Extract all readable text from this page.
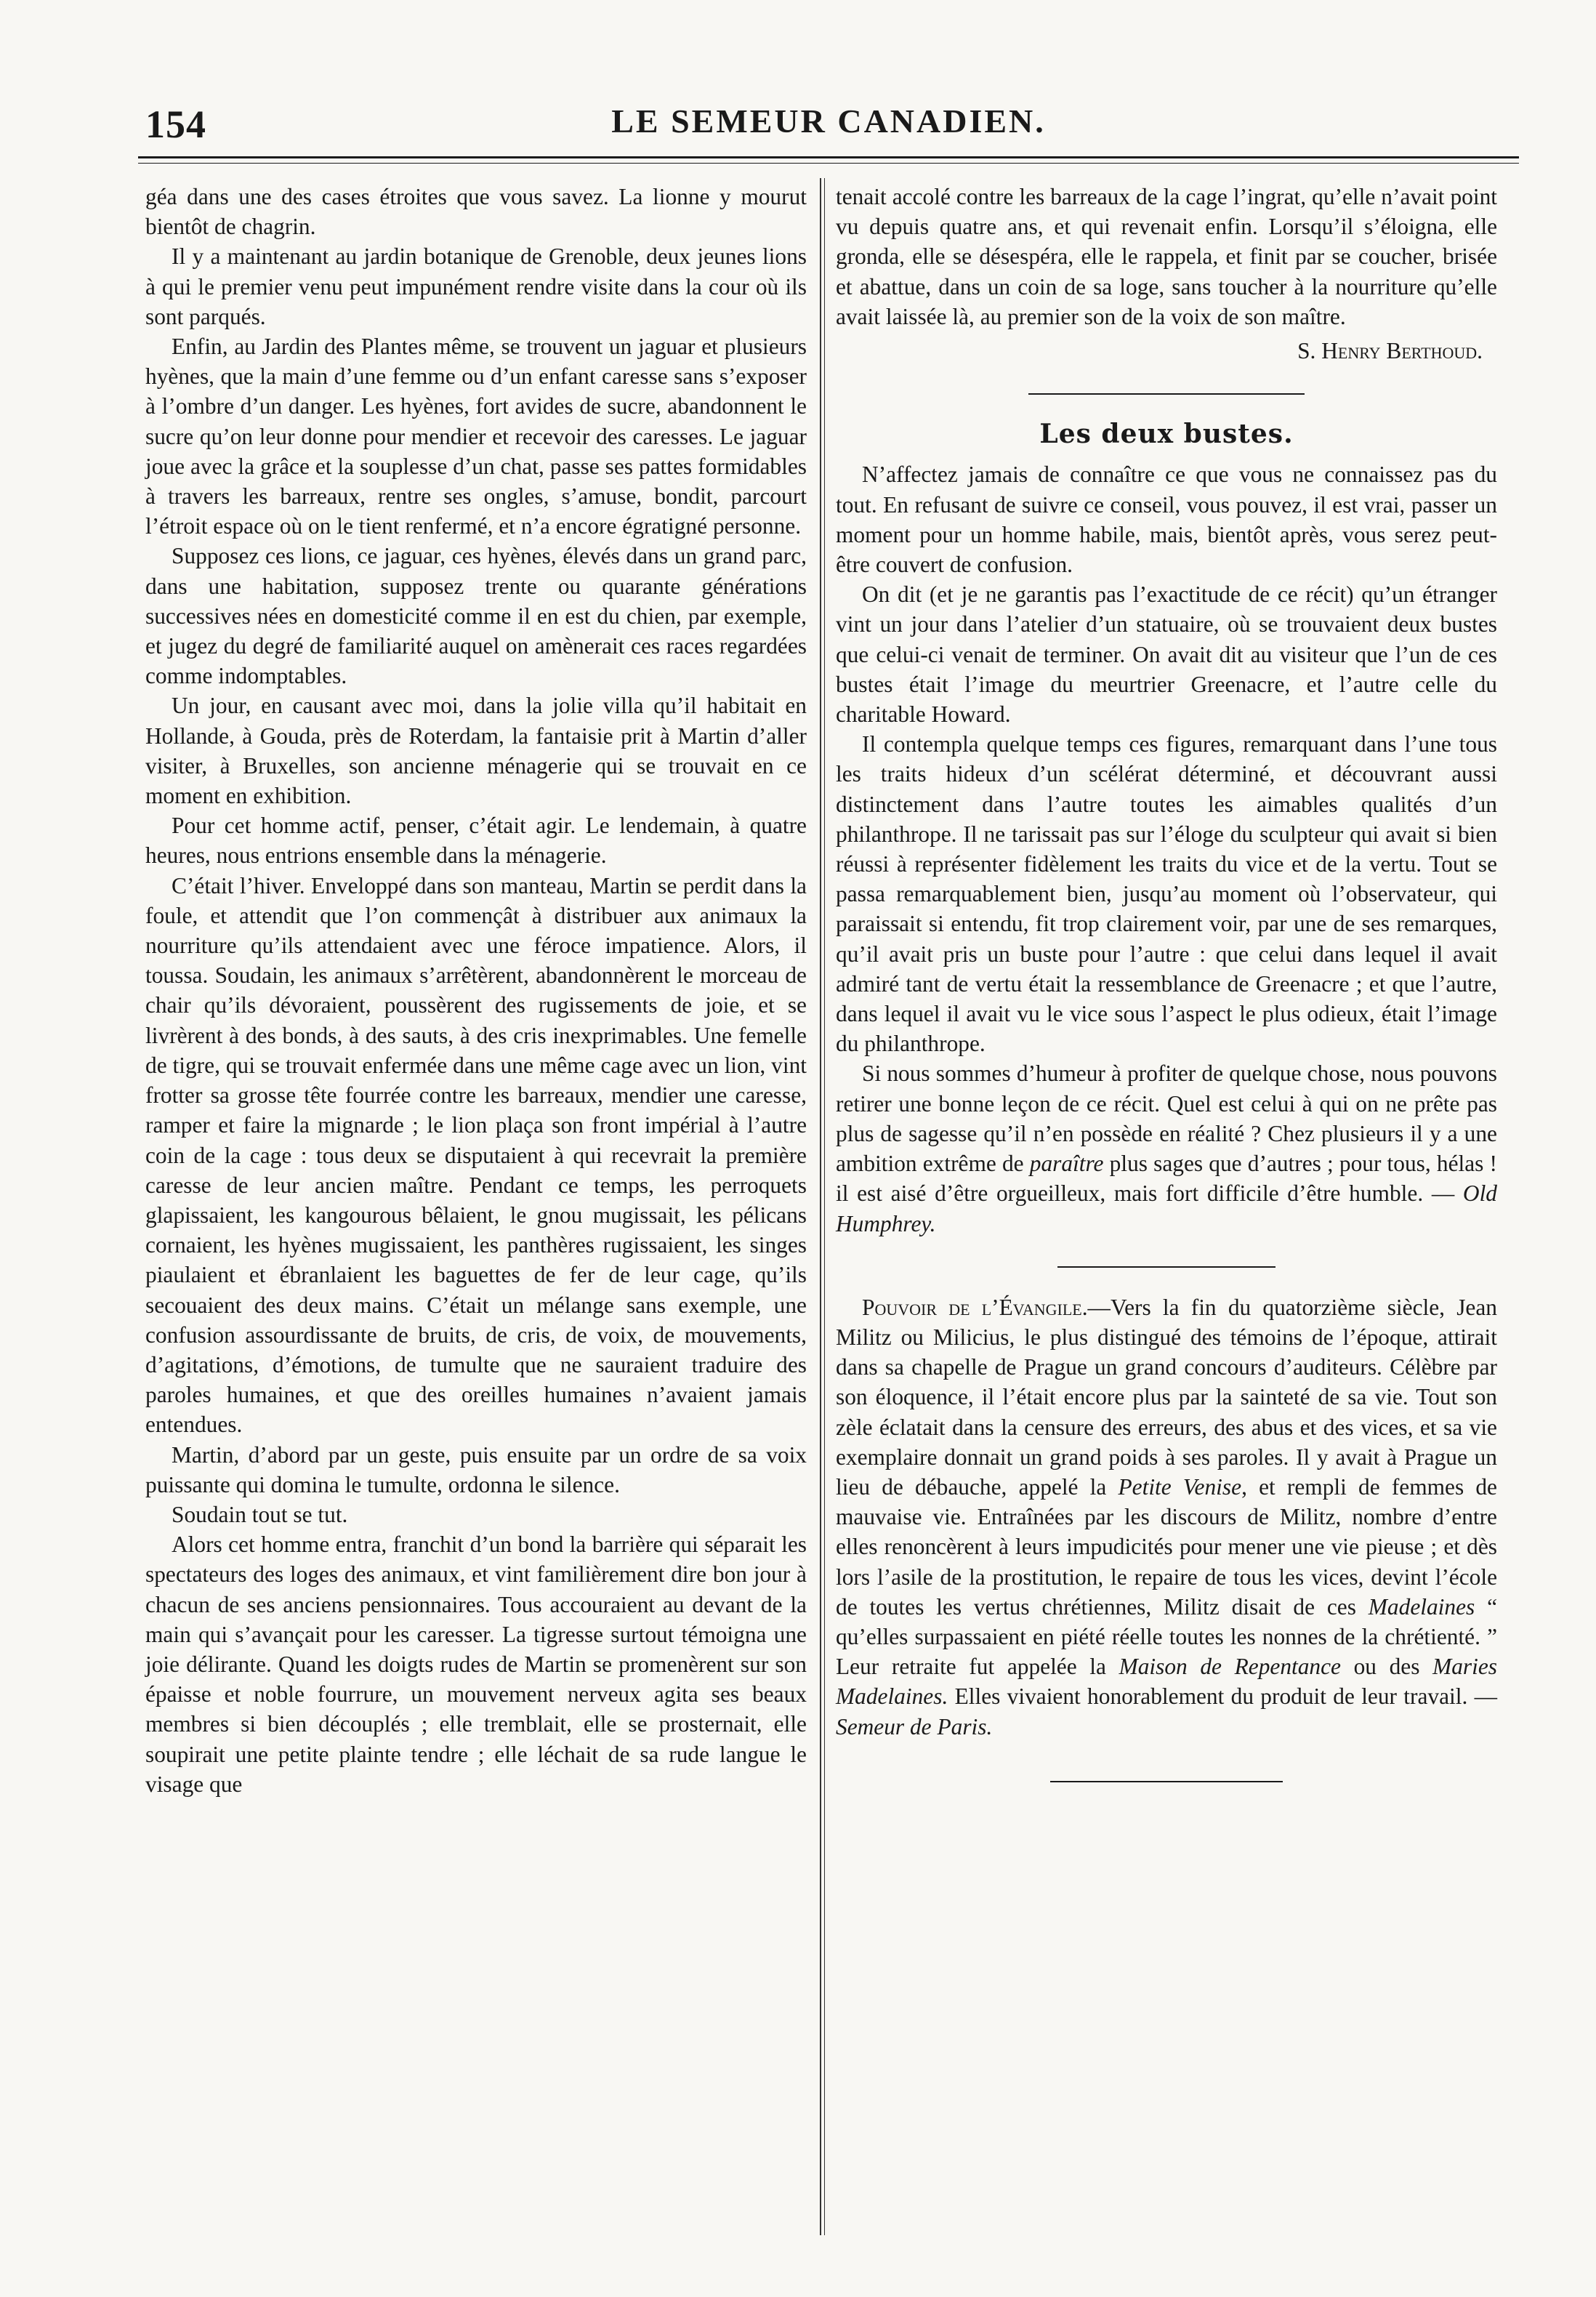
154	LE SEMEUR CANADIEN.

géa dans une des cases étroites que vous savez. La lionne y mourut bientôt de chagrin.

Il y a maintenant au jardin botanique de Grenoble, deux jeunes lions à qui le premier venu peut impunément rendre visite dans la cour où ils sont parqués.

Enfin, au Jardin des Plantes même, se trouvent un jaguar et plusieurs hyènes, que la main d’une femme ou d’un enfant caresse sans s’exposer à l’ombre d’un danger. Les hyènes, fort avides de sucre, abandonnent le sucre qu’on leur donne pour mendier et recevoir des caresses. Le jaguar joue avec la grâce et la souplesse d’un chat, passe ses pattes formidables à travers les barreaux, rentre ses ongles, s’amuse, bondit, parcourt l’étroit espace où on le tient renfermé, et n’a encore égratigné personne.

Supposez ces lions, ce jaguar, ces hyènes, élevés dans un grand parc, dans une habitation, supposez trente ou quarante générations successives nées en domesticité comme il en est du chien, par exemple, et jugez du degré de familiarité auquel on amènerait ces races regardées comme indomptables.

Un jour, en causant avec moi, dans la jolie villa qu’il habitait en Hollande, à Gouda, près de Roterdam, la fantaisie prit à Martin d’aller visiter, à Bruxelles, son ancienne ménagerie qui se trouvait en ce moment en exhibition.

Pour cet homme actif, penser, c’était agir. Le lendemain, à quatre heures, nous entrions ensemble dans la ménagerie.

C’était l’hiver. Enveloppé dans son manteau, Martin se perdit dans la foule, et attendit que l’on commençât à distribuer aux animaux la nourriture qu’ils attendaient avec une féroce impatience. Alors, il toussa. Soudain, les animaux s’arrêtèrent, abandonnèrent le morceau de chair qu’ils dévoraient, poussèrent des rugissements de joie, et se livrèrent à des bonds, à des sauts, à des cris inexprimables. Une femelle de tigre, qui se trouvait enfermée dans une même cage avec un lion, vint frotter sa grosse tête fourrée contre les barreaux, mendier une caresse, ramper et faire la mignarde ; le lion plaça son front impérial à l’autre coin de la cage : tous deux se disputaient à qui recevrait la première caresse de leur ancien maître. Pendant ce temps, les perroquets glapissaient, les kangourous bêlaient, le gnou mugissait, les pélicans cornaient, les hyènes mugissaient, les panthères rugissaient, les singes piaulaient et ébranlaient les baguettes de fer de leur cage, qu’ils secouaient des deux mains. C’était un mélange sans exemple, une confusion assourdissante de bruits, de cris, de voix, de mouvements, d’agitations, d’émotions, de tumulte que ne sauraient traduire des paroles humaines, et que des oreilles humaines n’avaient jamais entendues.

Martin, d’abord par un geste, puis ensuite par un ordre de sa voix puissante qui domina le tumulte, ordonna le silence.

Soudain tout se tut.

Alors cet homme entra, franchit d’un bond la barrière qui séparait les spectateurs des loges des animaux, et vint familièrement dire bon jour à chacun de ses anciens pensionnaires. Tous accouraient au devant de la main qui s’avançait pour les caresser. La tigresse surtout témoigna une joie délirante. Quand les doigts rudes de Martin se promenèrent sur son épaisse et noble fourrure, un mouvement nerveux agita ses beaux membres si bien découplés ; elle tremblait, elle se prosternait, elle soupirait une petite plainte tendre ; elle léchait de sa rude langue le visage que

tenait accolé contre les barreaux de la cage l’ingrat, qu’elle n’avait point vu depuis quatre ans, et qui revenait enfin. Lorsqu’il s’éloigna, elle gronda, elle se désespéra, elle le rappela, et finit par se coucher, brisée et abattue, dans un coin de sa loge, sans toucher à la nourriture qu’elle avait laissée là, au premier son de la voix de son maître.

S. Henry Berthoud.
Les deux bustes.

N’affectez jamais de connaître ce que vous ne connaissez pas du tout. En refusant de suivre ce conseil, vous pouvez, il est vrai, passer un moment pour un homme habile, mais, bientôt après, vous serez peut-être couvert de confusion.

On dit (et je ne garantis pas l’exactitude de ce récit) qu’un étranger vint un jour dans l’atelier d’un statuaire, où se trouvaient deux bustes que celui-ci venait de terminer. On avait dit au visiteur que l’un de ces bustes était l’image du meurtrier Greenacre, et l’autre celle du charitable Howard.

Il contempla quelque temps ces figures, remarquant dans l’une tous les traits hideux d’un scélérat déterminé, et découvrant aussi distinctement dans l’autre toutes les aimables qualités d’un philanthrope. Il ne tarissait pas sur l’éloge du sculpteur qui avait si bien réussi à représenter fidèlement les traits du vice et de la vertu. Tout se passa remarquablement bien, jusqu’au moment où l’observateur, qui paraissait si entendu, fit trop clairement voir, par une de ses remarques, qu’il avait pris un buste pour l’autre : que celui dans lequel il avait admiré tant de vertu était la ressemblance de Greenacre ; et que l’autre, dans lequel il avait vu le vice sous l’aspect le plus odieux, était l’image du philanthrope.

Si nous sommes d’humeur à profiter de quelque chose, nous pouvons retirer une bonne leçon de ce récit. Quel est celui à qui on ne prête pas plus de sagesse qu’il n’en possède en réalité ? Chez plusieurs il y a une ambition extrême de paraître plus sages que d’autres ; pour tous, hélas ! il est aisé d’être orgueilleux, mais fort difficile d’être humble. — Old Humphrey.

Pouvoir de l’Évangile.—Vers la fin du quatorzième siècle, Jean Militz ou Milicius, le plus distingué des témoins de l’époque, attirait dans sa chapelle de Prague un grand concours d’auditeurs. Célèbre par son éloquence, il l’était encore plus par la sainteté de sa vie. Tout son zèle éclatait dans la censure des erreurs, des abus et des vices, et sa vie exemplaire donnait un grand poids à ses paroles. Il y avait à Prague un lieu de débauche, appelé la Petite Venise, et rempli de femmes de mauvaise vie. Entraînées par les discours de Militz, nombre d’entre elles renoncèrent à leurs impudicités pour mener une vie pieuse ; et dès lors l’asile de la prostitution, le repaire de tous les vices, devint l’école de toutes les vertus chrétiennes, Militz disait de ces Madelaines “ qu’elles surpassaient en piété réelle toutes les nonnes de la chrétienté. ” Leur retraite fut appelée la Maison de Repentance ou des Maries Madelaines. Elles vivaient honorablement du produit de leur travail. — Semeur de Paris.
